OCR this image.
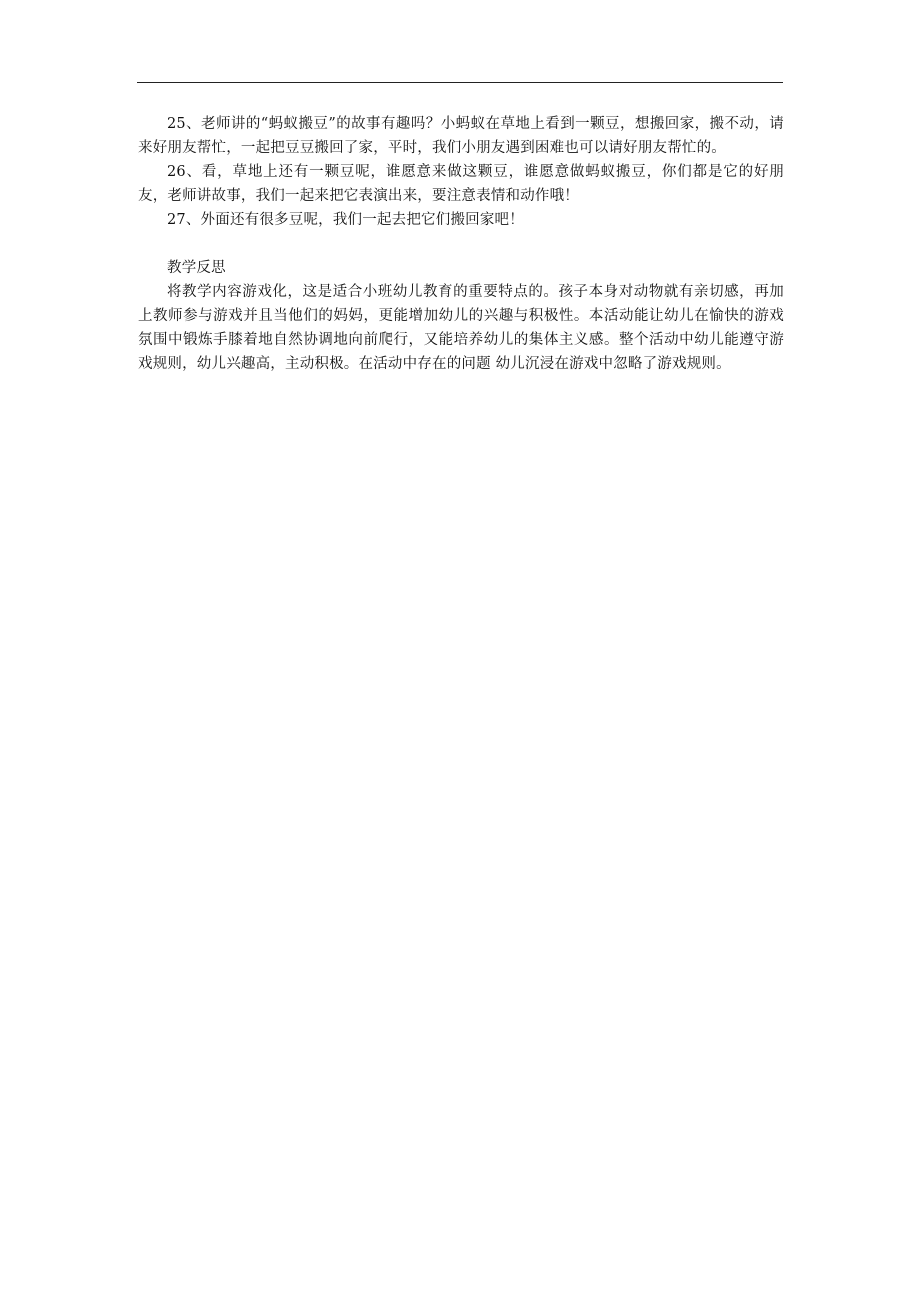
25、老师讲的“蚂蚁搬豆”的故事有趣吗？小蚂蚁在草地上看到一颗豆，想搬回家，搬不动，请来好朋友帮忙，一起把豆豆搬回了家，平时，我们小朋友遇到困难也可以请好朋友帮忙的。

26、看，草地上还有一颗豆呢，谁愿意来做这颗豆，谁愿意做蚂蚁搬豆，你们都是它的好朋友，老师讲故事，我们一起来把它表演出来，要注意表情和动作哦！

27、外面还有很多豆呢，我们一起去把它们搬回家吧！

教学反思

将教学内容游戏化，这是适合小班幼儿教育的重要特点的。孩子本身对动物就有亲切感，再加上教师参与游戏并且当他们的妈妈，更能增加幼儿的兴趣与积极性。本活动能让幼儿在愉快的游戏氛围中锻炼手膝着地自然协调地向前爬行，又能培养幼儿的集体主义感。整个活动中幼儿能遵守游戏规则，幼儿兴趣高，主动积极。在活动中存在的问题 幼儿沉浸在游戏中忽略了游戏规则。
